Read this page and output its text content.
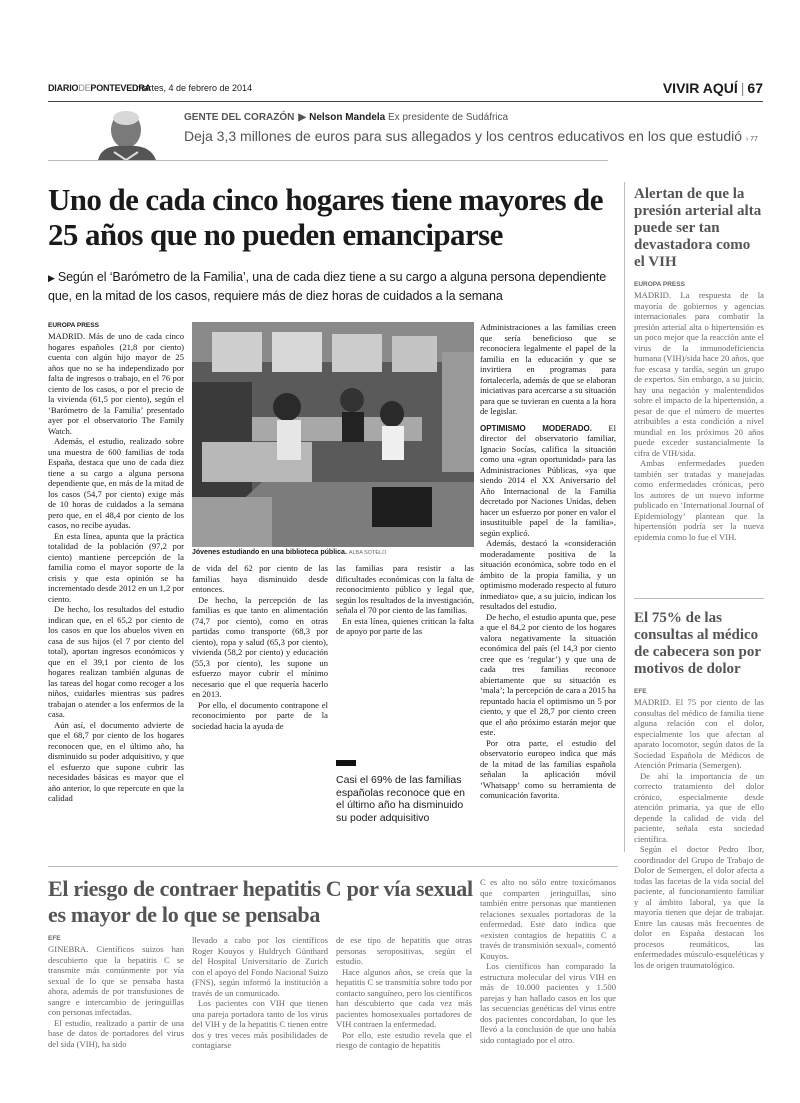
DIARIODEPONTEVEDRA
martes, 4 de febrero de 2014	VIVIR AQUÍ | 67
GENTE DEL CORAZÓN ▶ Nelson Mandela Ex presidente de Sudáfrica
Deja 3,3 millones de euros para sus allegados y los centros educativos en los que estudió › 77
Uno de cada cinco hogares tiene mayores de 25 años que no pueden emanciparse
▶ Según el ‘Barómetro de la Familia’, una de cada diez tiene a su cargo a alguna persona dependiente que, en la mitad de los casos, requiere más de diez horas de cuidados a la semana
EUROPA PRESS

MADRID. Más de uno de cada cinco hogares españoles (21,8 por ciento) cuenta con algún hijo mayor de 25 años que no se ha independizado por falta de ingresos o trabajo, en el 76 por ciento de los casos, o por el precio de la vivienda (61,5 por ciento), según el ‘Barómetro de la Familia’ presentado ayer por el observatorio The Family Watch.

Además, el estudio, realizado sobre una muestra de 600 familias de toda España, destaca que uno de cada diez tiene a su cargo a alguna persona dependiente que, en más de la mitad de los casos (54,7 por ciento) exige más de 10 horas de cuidados a la semana pero que, en el 48,4 por ciento de los casos, no recibe ayudas.

En esta línea, apunta que la práctica totalidad de la población (97,2 por ciento) mantiene percepción de la familia como el mayor soporte de la crisis y que esta opinión se ha incrementado desde 2012 en un 1,2 por ciento.

De hecho, los resultados del estudio indican que, en el 65,2 por ciento de los casos en que los abuelos viven en casa de sus hijos (el 7 por ciento del total), aportan ingresos económicos y que en el 39,1 por ciento de los hogares realizan también algunas de las tareas del hogar como recoger a los niños, cuidarles mientras sus padres trabajan o atender a los enfermos de la casa.

Aún así, el documento advierte de que el 68,7 por ciento de los hogares reconocen que, en el último año, ha disminuido su poder adquisitivo, y que el esfuerzo que supone cubrir las necesidades básicas es mayor que el año anterior, lo que repercute en que la calidad

Jóvenes estudiando en una biblioteca pública. ALBA SOTELO

de vida del 62 por ciento de las familias haya disminuido desde entonces.

De hecho, la percepción de las familias es que tanto en alimentación (74,7 por ciento), como en otras partidas como transporte (68,3 por ciento), ropa y salud (65,3 por ciento), vivienda (58,2 por ciento) y educación (55,3 por ciento), les supone un esfuerzo mayor cubrir el mínimo necesario que el que requería hacerlo en 2013.

Por ello, el documento contrapone el reconocimiento por parte de la sociedad hacia la ayuda de

las familias para resistir a las dificultades económicas con la falta de reconocimiento público y legal que, según los resultados de la investigación, señala el 70 por ciento de las familias.

En esta línea, quienes critican la falta de apoyo por parte de las

Casi el 69% de las familias españolas reconoce que en el último año ha disminuido su poder adquisitivo

Administraciones a las familias creen que sería beneficioso que se reconociera legalmente el papel de la familia en la educación y que se invirtiera en programas para fortalecerla, además de que se elaboran iniciativas para acercarse a su situación para que se tuvieran en cuenta a la hora de legislar.

OPTIMISMO MODERADO. El director del observatorio familiar, Ignacio Socías, califica la situación como una «gran oportunidad» para las Administraciones Públicas, «ya que siendo 2014 el XX Aniversario del Año Internacional de la Familia decretado por Naciones Unidas, deben hacer un esfuerzo por poner en valor el insustituible papel de la familia», según explicó.

Además, destacó la «consideración moderadamente positiva de la situación económica, sobre todo en el ámbito de la propia familia, y un optimismo moderado respecto al futuro inmediato» que, a su juicio, indican los resultados del estudio.

De hecho, el estudio apunta que, pese a que el 84,2 por ciento de los hogares valora negativamente la situación económica del país (el 14,3 por ciento cree que es ‘regular’) y que una de cada tres familias reconoce abiertamente que su situación es ‘mala’; la percepción de cara a 2015 ha repuntado hacia el optimismo un 5 por ciento, y que el 28,7 por ciento creen que el año próximo estarán mejor que este.

Por otra parte, el estudio del observatorio europeo indica que más de la mitad de las familias española señalan la aplicación móvil ‘Whatsapp’ como su herramienta de comunicación favorita.

Alertan de que la presión arterial alta puede ser tan devastadora como el VIH
EUROPA PRESS

MADRID. La respuesta de la mayoría de gobiernos y agencias internacionales para combatir la presión arterial alta o hipertensión es un poco mejor que la reacción ante el virus de la inmunodeficiencia humana (VIH)/sida hace 20 años, que fue escasa y tardía, según un grupo de expertos. Sin embargo, a su juicio, hay una negación y malentendidos sobre el impacto de la hipertensión, a pesar de que el número de muertes atribuibles a esta condición a nivel mundial en los próximos 20 años puede exceder sustancialmente la cifra de VIH/sida.

Ambas enfermedades pueden también ser tratadas y manejadas como enfermedades crónicas, pero los autores de un nuevo informe publicado en ‘International Journal of Epidemiology’ plantean que la hipertensión podría ser la nueva epidemia como lo fue el VIH.

El 75% de las consultas al médico de cabecera son por motivos de dolor
EFE

MADRID. El 75 por ciento de las consultas del médico de familia tiene alguna relación con el dolor, especialmente los que afectan al aparato locomotor, según datos de la Sociedad Española de Médicos de Atención Primaria (Semergen).

De ahí la importancia de un correcto tratamiento del dolor crónico, especialmente desde atención primaria, ya que de ello depende la calidad de vida del paciente, señala esta sociedad científica.

Según el doctor Pedro Ibor, coordinador del Grupo de Trabajo de Dolor de Semergen, el dolor afecta a todas las facetas de la vida social del paciente, al funcionamiento familiar y al ámbito laboral, ya que la mayoría tienen que dejar de trabajar. Entre las causas más frecuentes de dolor en España destacan los procesos reumáticos, las enfermedades músculo-esqueléticas y los de origen traumatológico.

El riesgo de contraer hepatitis C por vía sexual es mayor de lo que se pensaba
EFE

GINEBRA. Científicos suizos han descubierto que la hepatitis C se transmite más comúnmente por vía sexual de lo que se pensaba hasta ahora, además de por transfusiones de sangre e intercambio de jeringuillas con personas infectadas.

El estudio, realizado a partir de una base de datos de portadores del virus del sida (VIH), ha sido

llevado a cabo por los científicos Roger Kouyos y Huldrych Günthard del Hospital Universitario de Zurich con el apoyo del Fondo Nacional Suizo (FNS), según informó la institución a través de un comunicado.

Los pacientes con VIH que tienen una pareja portadora tanto de los virus del VIH y de la hepatitis C tienen entre dos y tres veces más posibilidades de contagiarse

de ese tipo de hepatitis que otras personas seropositivas, según el estudio.

Hace algunos años, se creía que la hepatitis C se transmitía sobre todo por contacto sanguíneo, pero los científicos han descubierto que cada vez más pacientes homosexuales portadores de VIH contraen la enfermedad.

Por ello, este estudio revela que el riesgo de contagio de hepatitis

C es alto no sólo entre toxicómanos que comparten jeringuillas, sino también entre personas que mantienen relaciones sexuales portadoras de la enfermedad. Este dato indica que «existen contagios de hepatitis C a través de transmisión sexual», comentó Kouyos.

Los científicos han comparado la estructura molecular del virus VIH en más de 10.000 pacientes y 1.500 parejas y han hallado casos en los que las secuencias genéticas del virus entre dos pacientes concordaban, lo que les llevó a la conclusión de que uno había sido contagiado por el otro.
